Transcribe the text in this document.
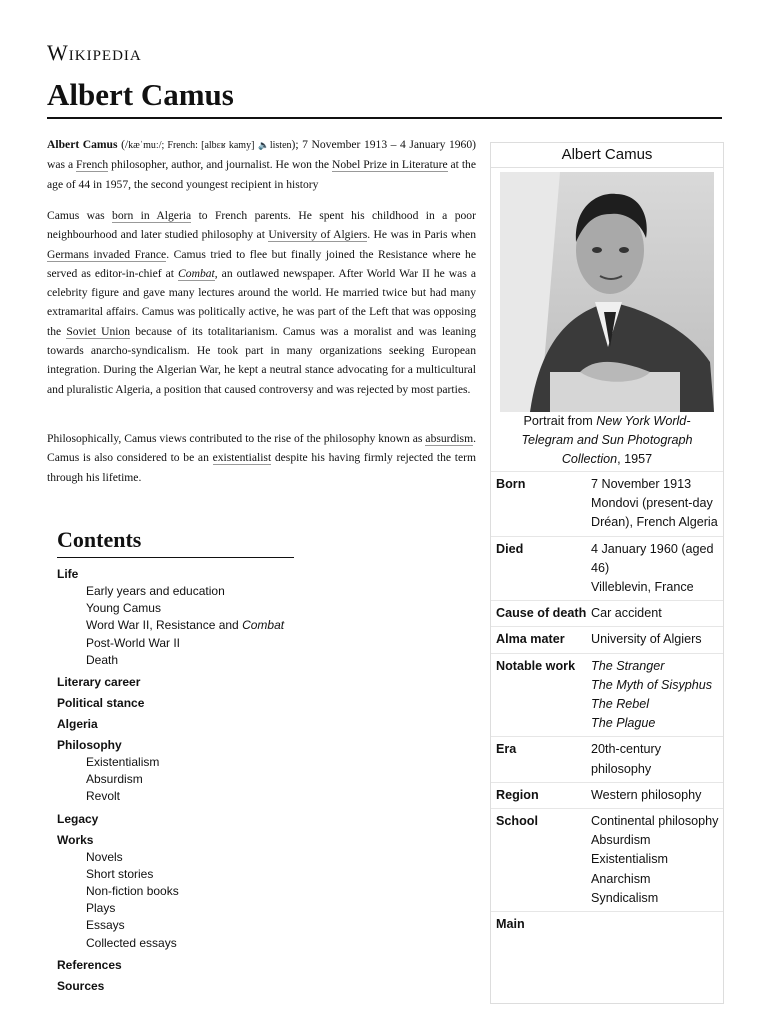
Wikipedia
Albert Camus

Albert Camus (/kæˈmuː/; French: [albɛʁ kamy] 🔈listen); 7 November 1913 – 4 January 1960) was a French philosopher, author, and journalist. He won the Nobel Prize in Literature at the age of 44 in 1957, the second youngest recipient in history

Camus was born in Algeria to French parents. He spent his childhood in a poor neighbourhood and later studied philosophy at University of Algiers. He was in Paris when Germans invaded France. Camus tried to flee but finally joined the Resistance where he served as editor-in-chief at Combat, an outlawed newspaper. After World War II he was a celebrity figure and gave many lectures around the world. He married twice but had many extramarital affairs. Camus was politically active, he was part of the Left that was opposing the Soviet Union because of its totalitarianism. Camus was a moralist and was leaning towards anarcho-syndicalism. He took part in many organizations seeking European integration. During the Algerian War, he kept a neutral stance advocating for a multicultural and pluralistic Algeria, a position that caused controversy and was rejected by most parties.

Philosophically, Camus views contributed to the rise of the philosophy known as absurdism. Camus is also considered to be an existentialist despite his having firmly rejected the term through his lifetime.

Contents
Life
Early years and education
Young Camus
Word War II, Resistance and Combat
Post-World War II
Death
Literary career
Political stance
Algeria
Philosophy
Existentialism
Absurdism
Revolt
Legacy
Works
Novels
Short stories
Non-fiction books
Plays
Essays
Collected essays
References
Sources
Albert Camus
Portrait from New York World-Telegram and Sun Photograph Collection, 1957
Born	7 November 1913
Mondovi (present-day Dréan), French Algeria
Died	4 January 1960 (aged 46)
Villeblevin, France
Cause of death Car accident
Alma mater	University of Algiers
Notable work	The Stranger
The Myth of Sisyphus
The Rebel
The Plague
Era	20th-century philosophy
Region	Western philosophy
School	Continental philosophy
Absurdism
Existentialism
Anarchism
Syndicalism
Main
